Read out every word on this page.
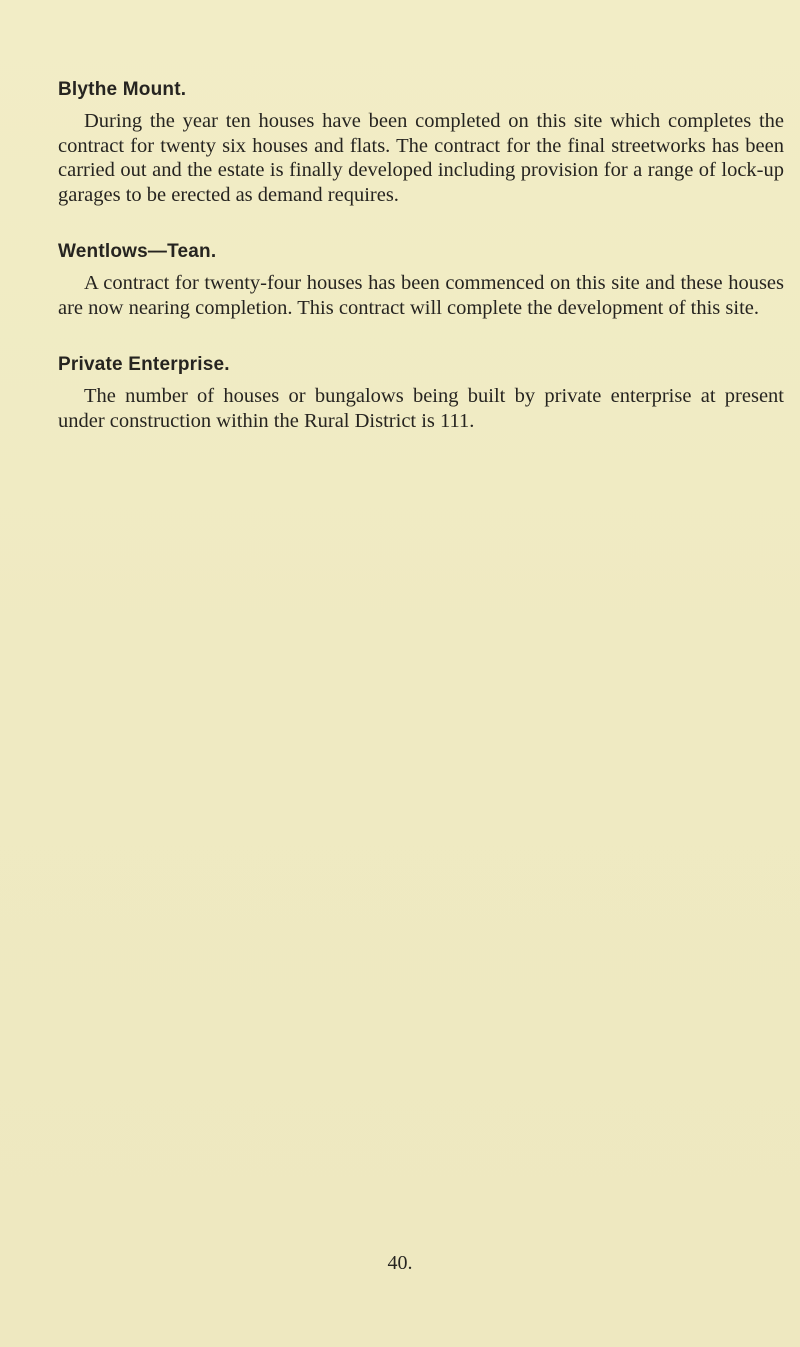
Blythe Mount.

During the year ten houses have been completed on this site which completes the contract for twenty six houses and flats. The contract for the final streetworks has been carried out and the estate is finally developed including provision for a range of lock-up garages to be erected as demand requires.

Wentlows—Tean.

A contract for twenty-four houses has been commenced on this site and these houses are now nearing completion. This contract will complete the development of this site.

Private Enterprise.

The number of houses or bungalows being built by private enterprise at present under construction within the Rural District is 111.

40.
